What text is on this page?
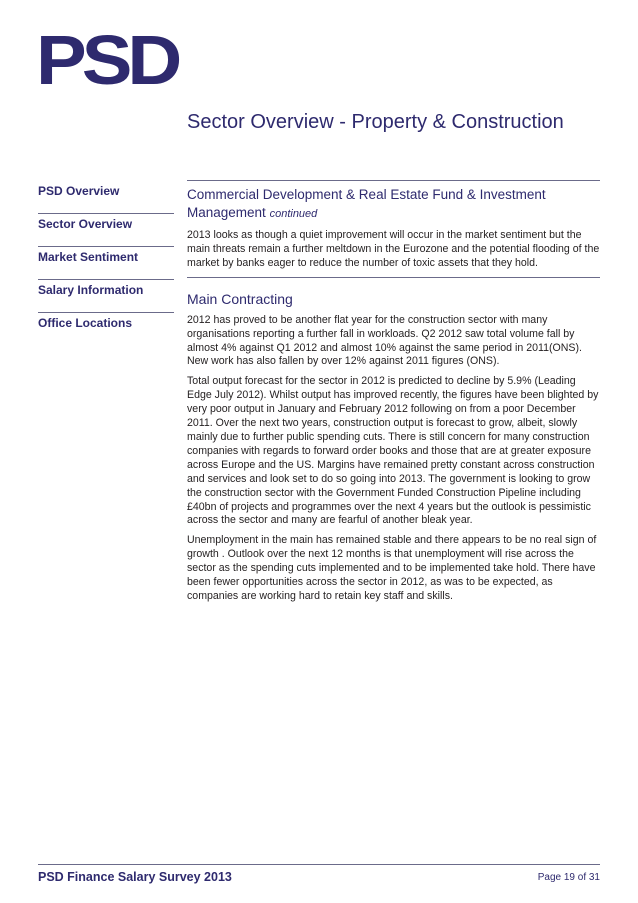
PSD
Sector Overview - Property & Construction
PSD Overview
Sector Overview
Market Sentiment
Salary Information
Office Locations
Commercial Development & Real Estate Fund & Investment Management continued

2013 looks as though a quiet improvement will occur in the market sentiment but the main threats remain a further meltdown in the Eurozone and the potential flooding of the market by banks eager to reduce the number of toxic assets that they hold.

Main Contracting

2012 has proved to be another flat year for the construction sector with many organisations reporting a further fall in workloads. Q2 2012 saw total volume fall by almost 4% against Q1 2012 and almost 10% against the same period in 2011(ONS). New work has also fallen by over 12% against 2011 figures (ONS).

Total output forecast for the sector in 2012 is predicted to decline by 5.9% (Leading Edge July 2012). Whilst output has improved recently, the figures have been blighted by very poor output in January and February 2012 following on from a poor December 2011. Over the next two years, construction output is forecast to grow, albeit, slowly mainly due to further public spending cuts. There is still concern for many construction companies with regards to forward order books and those that are at greater exposure across Europe and the US. Margins have remained pretty constant across construction and services and look set to do so going into 2013. The government is looking to grow the construction sector with the Government Funded Construction Pipeline including £40bn of projects and programmes over the next 4 years but the outlook is pessimistic across the sector and many are fearful of another bleak year.

Unemployment in the main has remained stable and there appears to be no real sign of growth . Outlook over the next 12 months is that unemployment will rise across the sector as the spending cuts implemented and to be implemented take hold. There have been fewer opportunities across the sector in 2012, as was to be expected, as companies are working hard to retain key staff and skills.

PSD Finance Salary Survey 2013	Page 19 of 31
